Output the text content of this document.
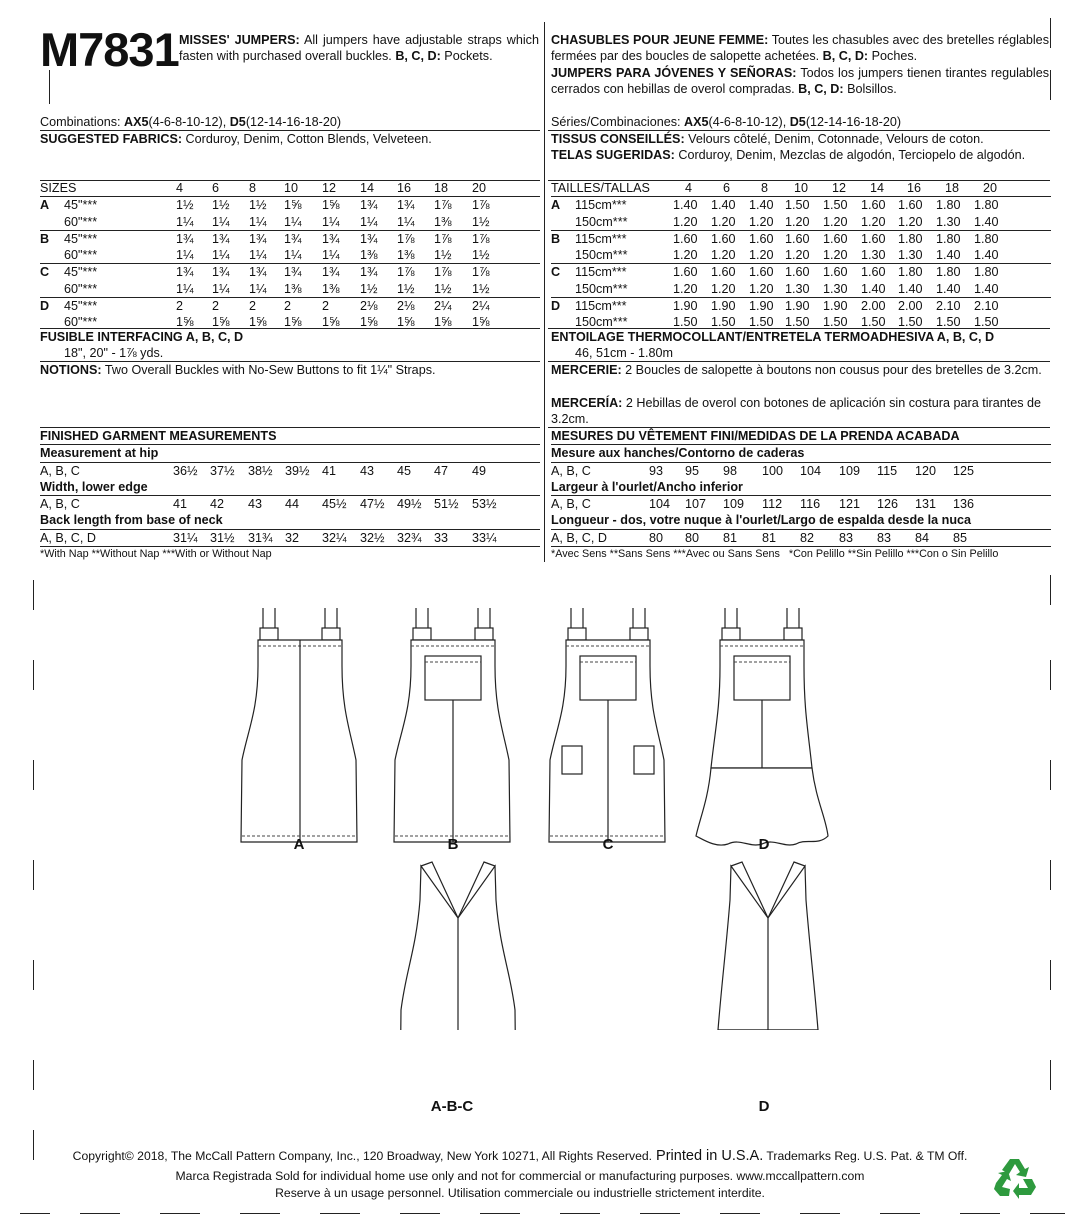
M7831 MISSES' JUMPERS: All jumpers have adjustable straps which fasten with purchased overall buckles. B, C, D: Pockets.
CHASUBLES POUR JEUNE FEMME: Toutes les chasubles avec des bretelles réglables fermées par des boucles de salopette achetées. B, C, D: Poches.
JUMPERS PARA JÓVENES Y SEÑORAS: Todos los jumpers tienen tirantes regulables cerrados con hebillas de overol compradas. B, C, D: Bolsillos.
Combinations: AX5(4-6-8-10-12), D5(12-14-16-18-20)	Séries/Combinaciones: AX5(4-6-8-10-12), D5(12-14-16-18-20)
SUGGESTED FABRICS: Corduroy, Denim, Cotton Blends, Velveteen.	TISSUS CONSEILLÉS: Velours côtelé, Denim, Cotonnade, Velours de coton.
TELAS SUGERIDAS: Corduroy, Denim, Mezclas de algodón, Terciopelo de algodón.
SIZES	4 6 8 10 12 14 16 18 20
A 45"***	1½ 1½ 1½ 1⅝ 1⅝ 1¾ 1¾ 1⅞ 1⅞
60"***	1¼ 1¼ 1¼ 1¼ 1¼ 1¼ 1¼ 1⅜ 1½
B 45"***	1¾ 1¾ 1¾ 1¾ 1¾ 1¾ 1⅞ 1⅞ 1⅞
60"***	1¼ 1¼ 1¼ 1¼ 1¼ 1⅜ 1⅜ 1½ 1½
C 45"***	1¾ 1¾ 1¾ 1¾ 1¾ 1¾ 1⅞ 1⅞ 1⅞
60"***	1¼ 1¼ 1¼ 1⅜ 1⅜ 1½ 1½ 1½ 1½
D 45"***	2 2 2 2 2 2⅛ 2⅛ 2¼ 2¼
60"***	1⅝ 1⅝ 1⅝ 1⅝ 1⅝ 1⅝ 1⅝ 1⅝ 1⅝
TAILLES/TALLAS	4 6 8 10 12 14 16 18 20
A 115cm***	1.40 1.40 1.40 1.50 1.50 1.60 1.60 1.80 1.80
150cm***	1.20 1.20 1.20 1.20 1.20 1.20 1.20 1.30 1.40
B 115cm***	1.60 1.60 1.60 1.60 1.60 1.60 1.80 1.80 1.80
150cm***	1.20 1.20 1.20 1.20 1.20 1.30 1.30 1.40 1.40
C 115cm***	1.60 1.60 1.60 1.60 1.60 1.60 1.80 1.80 1.80
150cm***	1.20 1.20 1.20 1.30 1.30 1.40 1.40 1.40 1.40
D 115cm***	1.90 1.90 1.90 1.90 1.90 2.00 2.00 2.10 2.10
150cm***	1.50 1.50 1.50 1.50 1.50 1.50 1.50 1.50 1.50
FUSIBLE INTERFACING A, B, C, D
18", 20" - 1⅞ yds.
ENTOILAGE THERMOCOLLANT/ENTRETELA TERMOADHESIVA A, B, C, D
46, 51cm - 1.80m
NOTIONS: Two Overall Buckles with No-Sew Buttons to fit 1¼" Straps.	MERCERIE: 2 Boucles de salopette à boutons non cousus pour des bretelles de 3.2cm.
MERCERÍA: 2 Hebillas de overol con botones de aplicación sin costura para tirantes de 3.2cm.
FINISHED GARMENT MEASUREMENTS
Measurement at hip
A, B, C	36½ 37½ 38½ 39½ 41 43 45 47 49
Width, lower edge
A, B, C	41 42 43 44 45½ 47½ 49½ 51½ 53½
Back length from base of neck
A, B, C, D	31¼ 31½ 31¾ 32 32¼ 32½ 32¾ 33 33¼
*With Nap **Without Nap ***With or Without Nap
MESURES DU VÊTEMENT FINI/MEDIDAS DE LA PRENDA ACABADA
Mesure aux hanches/Contorno de caderas
A, B, C	93 95 98 100 104 109 115 120 125
Largeur à l'ourlet/Ancho inferior
A, B, C	104 107 109 112 116 121 126 131 136
Longueur - dos, votre nuque à l'ourlet/Largo de espalda desde la nuca
A, B, C, D	80 80 81 81 82 83 83 84 85
*Avec Sens **Sans Sens ***Avec ou Sans Sens   *Con Pelillo **Sin Pelillo ***Con o Sin Pelillo
A	B	C	D
A-B-C	D
Copyright© 2018, The McCall Pattern Company, Inc., 120 Broadway, New York 10271, All Rights Reserved. Printed in U.S.A. Trademarks Reg. U.S. Pat. & TM Off.
Marca Registrada Sold for individual home use only and not for commercial or manufacturing purposes. www.mccallpattern.com
Reserve à un usage personnel. Utilisation commerciale ou industrielle strictement interdite.
